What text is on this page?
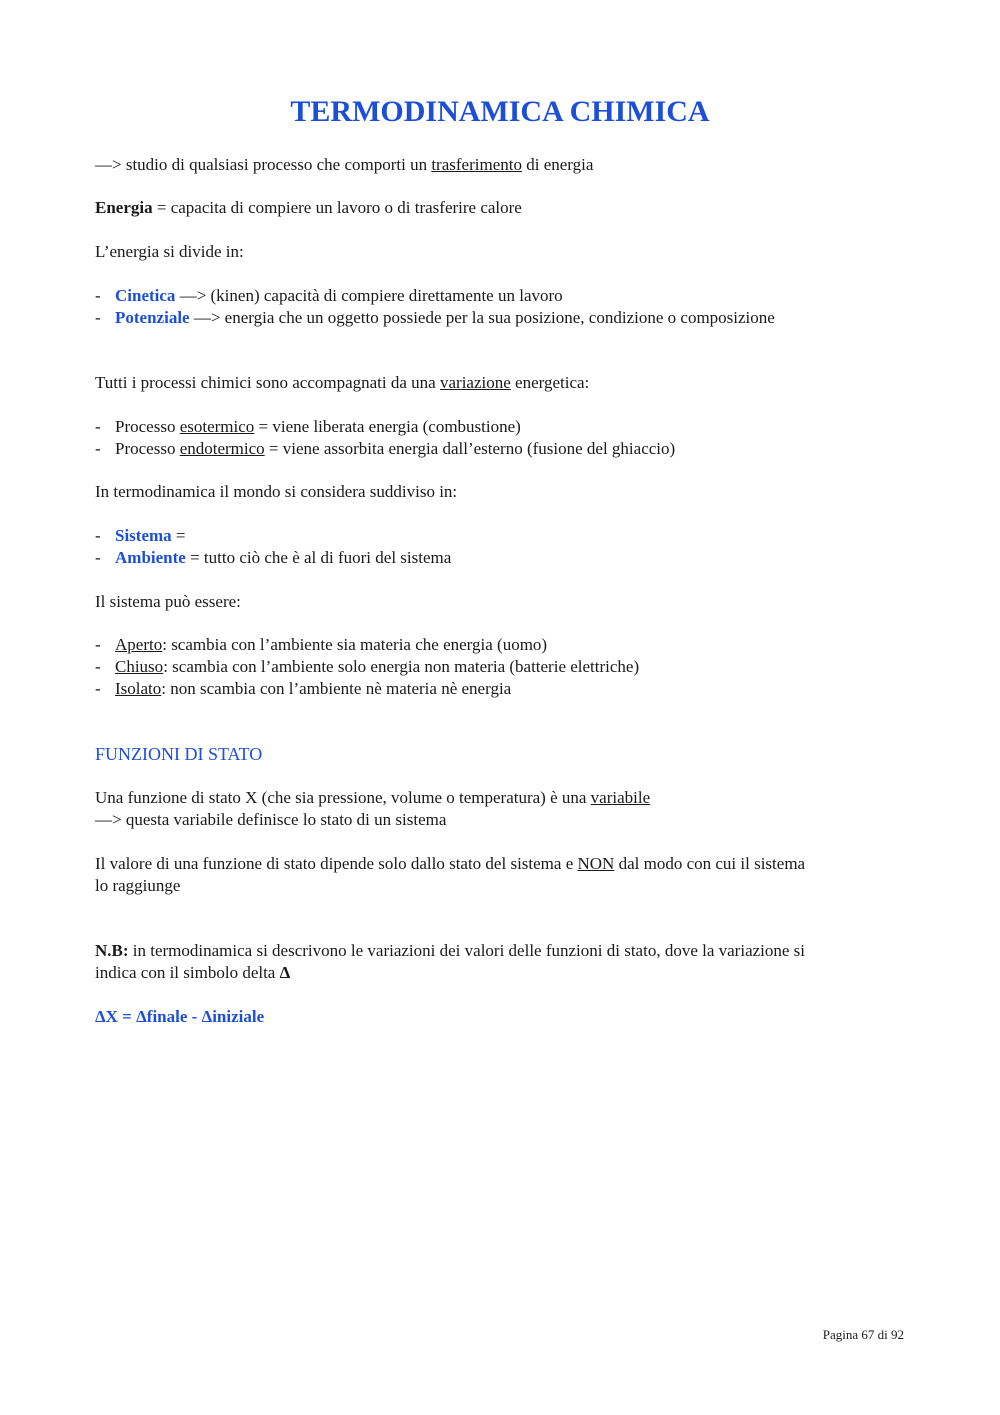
TERMODINAMICA CHIMICA
—> studio di qualsiasi processo che comporti un trasferimento di energia
Energia = capacita di compiere un lavoro o di trasferire calore
L’energia si divide in:
- Cinetica —> (kinen) capacità di compiere direttamente un lavoro
- Potenziale —> energia che un oggetto possiede per la sua posizione, condizione o composizione
Tutti i processi chimici sono accompagnati da una variazione energetica:
- Processo esotermico = viene liberata energia (combustione)
- Processo endotermico = viene assorbita energia dall’esterno (fusione del ghiaccio)
In termodinamica il mondo si considera suddiviso in:
- Sistema =
- Ambiente = tutto ciò che è al di fuori del sistema
Il sistema può essere:
- Aperto: scambia con l’ambiente sia materia che energia (uomo)
- Chiuso: scambia con l’ambiente solo energia non materia (batterie elettriche)
- Isolato: non scambia con l’ambiente nè materia nè energia
FUNZIONI DI STATO
Una funzione di stato X (che sia pressione, volume o temperatura) è una variabile
—> questa variabile definisce lo stato di un sistema
Il valore di una funzione di stato dipende solo dallo stato del sistema e NON dal modo con cui il sistema
lo raggiunge
N.B: in termodinamica si descrivono le variazioni dei valori delle funzioni di stato, dove la variazione si
indica con il simbolo delta Δ
ΔX = Δfinale - Δiniziale
Pagina 67 di 92
